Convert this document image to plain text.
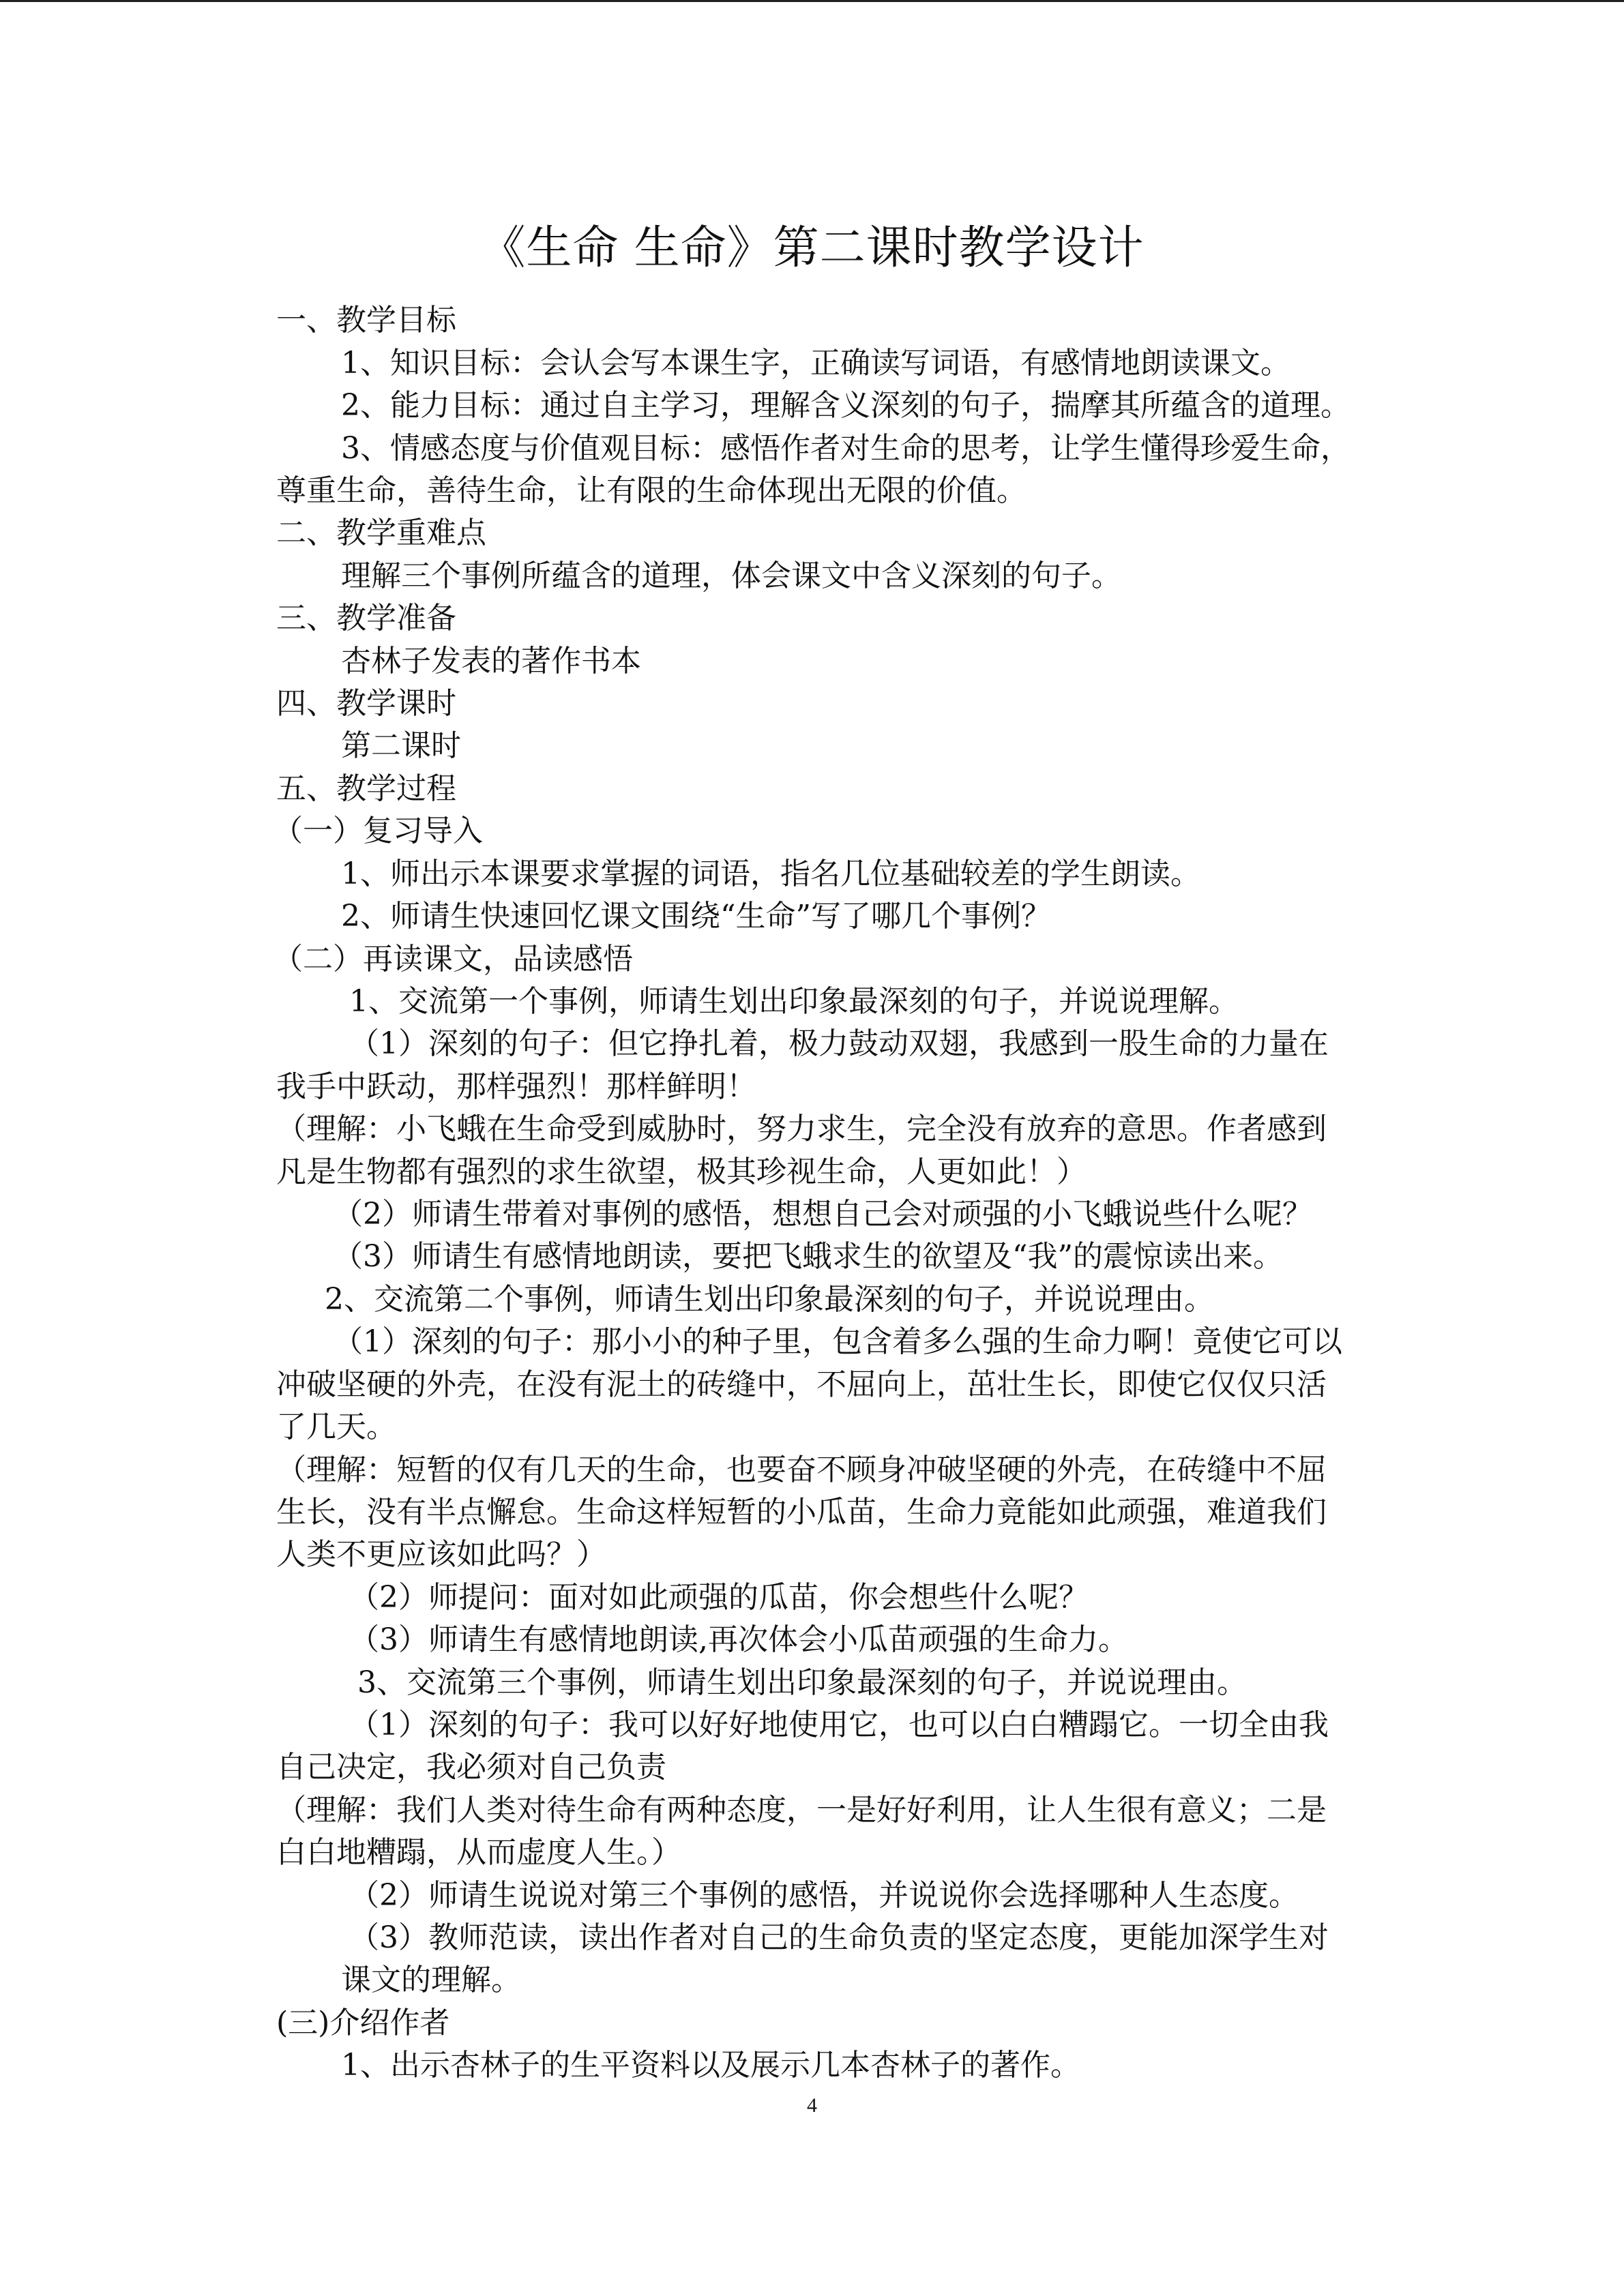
《生命 生命》第二课时教学设计
一、教学目标
1、知识目标：会认会写本课生字，正确读写词语，有感情地朗读课文。
2、能力目标：通过自主学习，理解含义深刻的句子，揣摩其所蕴含的道理。
3、情感态度与价值观目标：感悟作者对生命的思考，让学生懂得珍爱生命，
尊重生命，善待生命，让有限的生命体现出无限的价值。
二、教学重难点
理解三个事例所蕴含的道理，体会课文中含义深刻的句子。
三、教学准备
杏林子发表的著作书本
四、教学课时
第二课时
五、教学过程
（一）复习导入
1、师出示本课要求掌握的词语，指名几位基础较差的学生朗读。
2、师请生快速回忆课文围绕“生命”写了哪几个事例？
（二）再读课文，品读感悟
1、交流第一个事例，师请生划出印象最深刻的句子，并说说理解。
（1）深刻的句子：但它挣扎着，极力鼓动双翅，我感到一股生命的力量在
我手中跃动，那样强烈！那样鲜明！
（理解：小飞蛾在生命受到威胁时，努力求生，完全没有放弃的意思。作者感到
凡是生物都有强烈的求生欲望，极其珍视生命，人更如此！）
（2）师请生带着对事例的感悟，想想自己会对顽强的小飞蛾说些什么呢？
（3）师请生有感情地朗读，要把飞蛾求生的欲望及“我”的震惊读出来。
2、交流第二个事例，师请生划出印象最深刻的句子，并说说理由。
（1）深刻的句子：那小小的种子里，包含着多么强的生命力啊！竟使它可以
冲破坚硬的外壳，在没有泥土的砖缝中，不屈向上，茁壮生长，即使它仅仅只活
了几天。
（理解：短暂的仅有几天的生命，也要奋不顾身冲破坚硬的外壳，在砖缝中不屈
生长，没有半点懈怠。生命这样短暂的小瓜苗，生命力竟能如此顽强，难道我们
人类不更应该如此吗？）
（2）师提问：面对如此顽强的瓜苗，你会想些什么呢？
（3）师请生有感情地朗读,再次体会小瓜苗顽强的生命力。
3、交流第三个事例，师请生划出印象最深刻的句子，并说说理由。
（1）深刻的句子：我可以好好地使用它，也可以白白糟蹋它。一切全由我
自己决定，我必须对自己负责
（理解：我们人类对待生命有两种态度，一是好好利用，让人生很有意义；二是
白白地糟蹋，从而虚度人生。）
（2）师请生说说对第三个事例的感悟，并说说你会选择哪种人生态度。
（3）教师范读，读出作者对自己的生命负责的坚定态度，更能加深学生对
课文的理解。
(三)介绍作者
1、出示杏林子的生平资料以及展示几本杏林子的著作。
4
